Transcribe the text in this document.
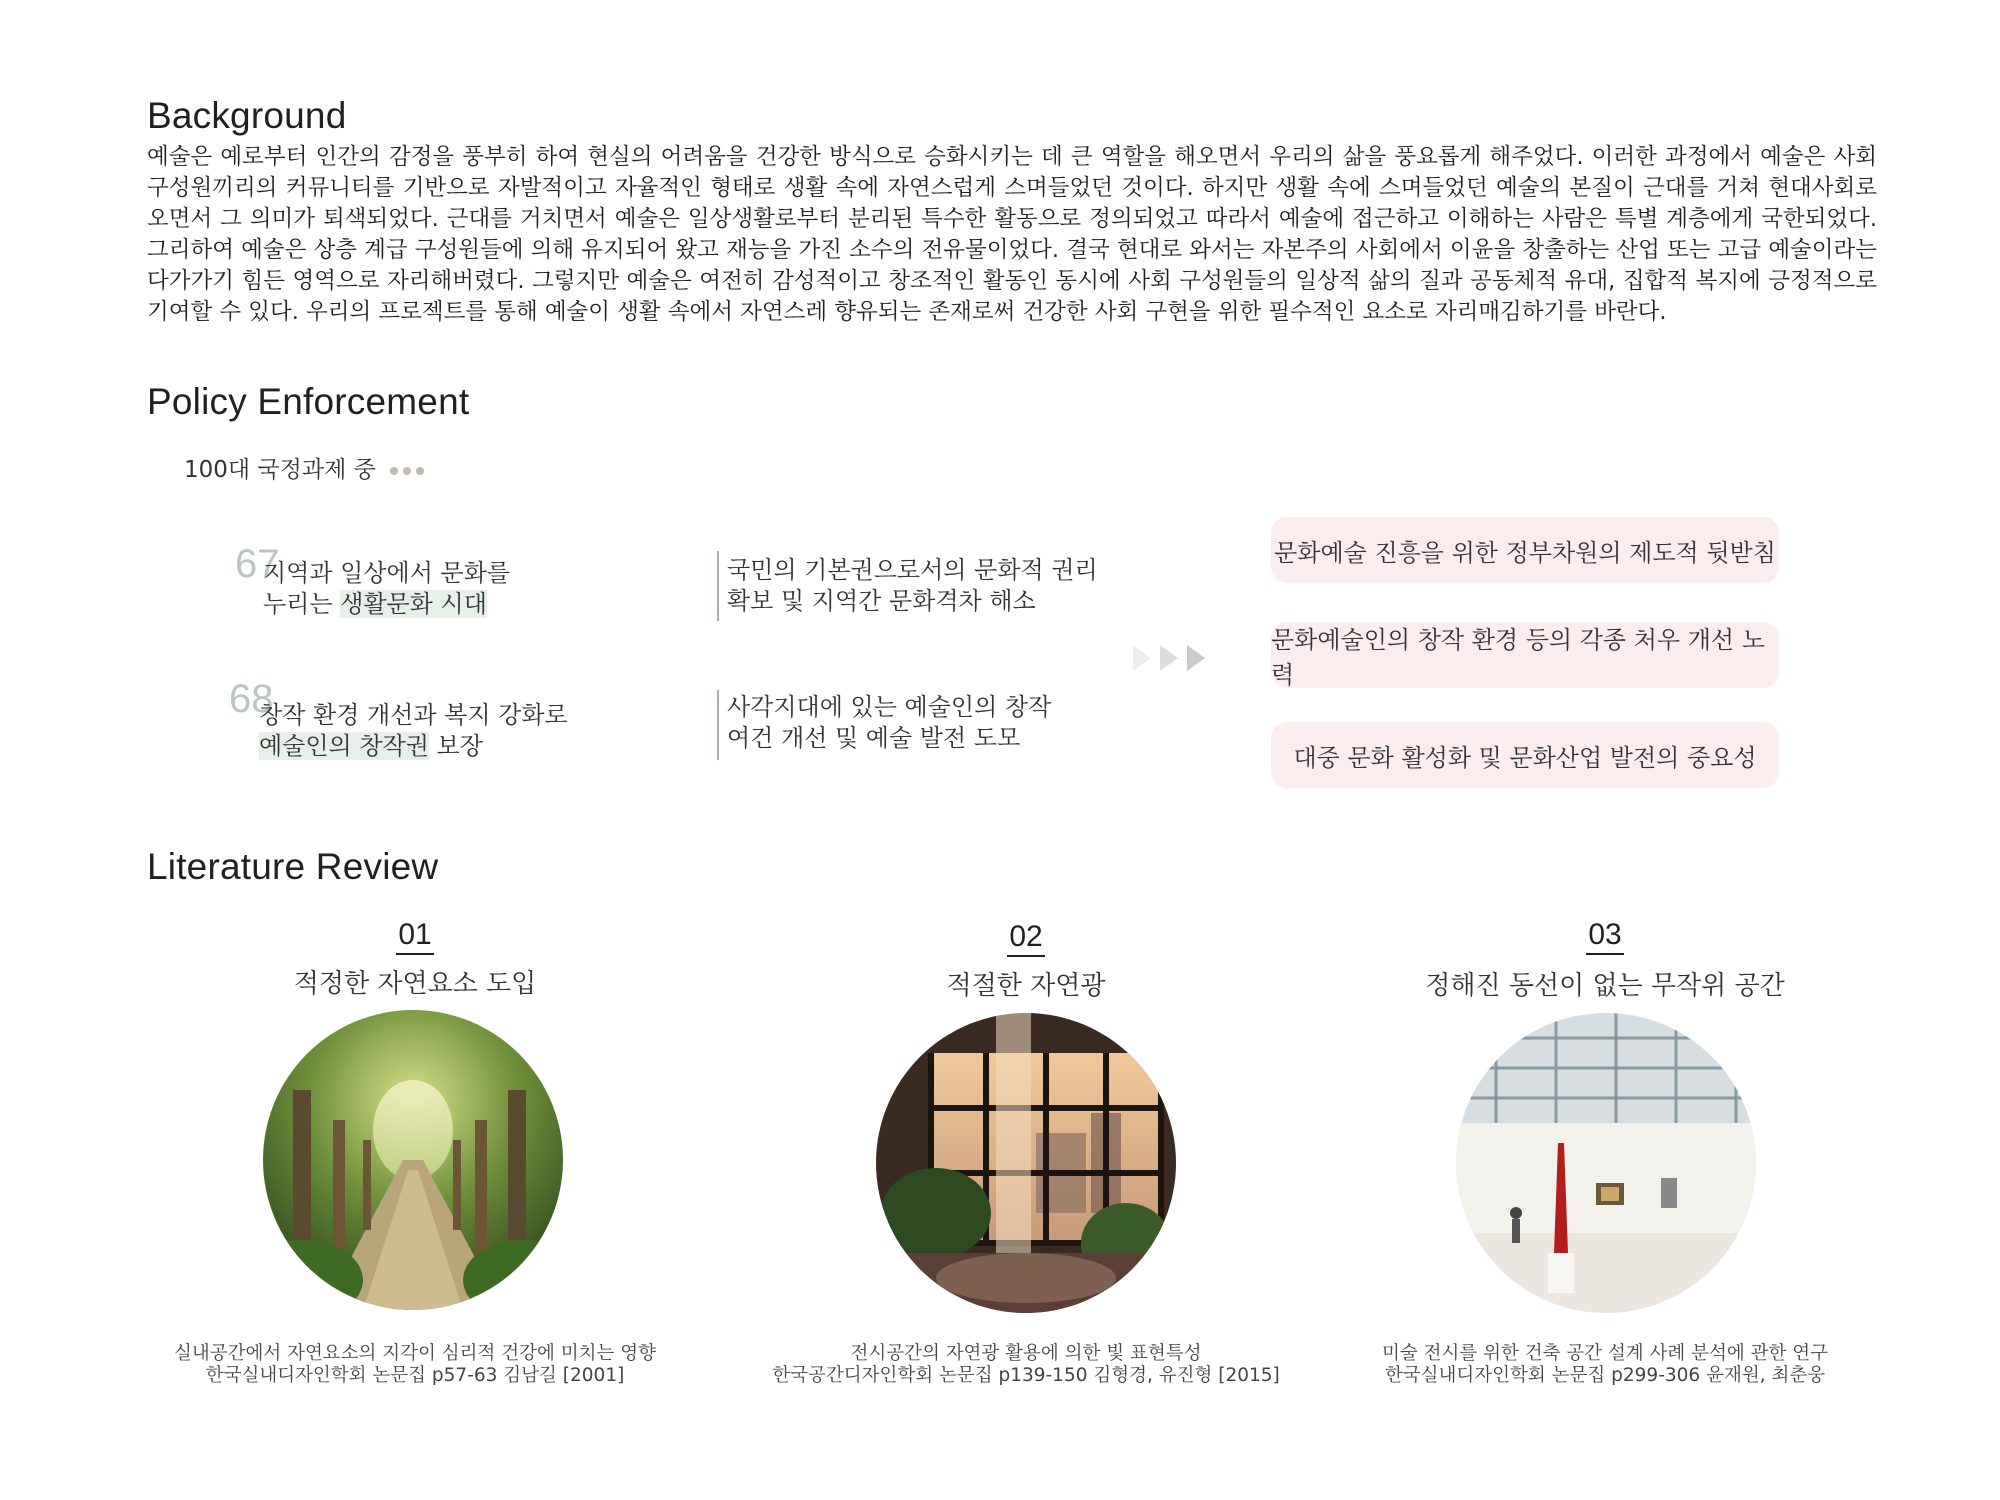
Background

예술은 예로부터 인간의 감정을 풍부히 하여 현실의 어려움을 건강한 방식으로 승화시키는 데 큰 역할을 해오면서 우리의 삶을 풍요롭게 해주었다. 이러한 과정에서 예술은 사회
구성원끼리의 커뮤니티를 기반으로 자발적이고 자율적인 형태로 생활 속에 자연스럽게 스며들었던 것이다. 하지만 생활 속에 스며들었던 예술의 본질이 근대를 거쳐 현대사회로
오면서 그 의미가 퇴색되었다. 근대를 거치면서 예술은 일상생활로부터 분리된 특수한 활동으로 정의되었고 따라서 예술에 접근하고 이해하는 사람은 특별 계층에게 국한되었다.
그리하여 예술은 상층 계급 구성원들에 의해 유지되어 왔고 재능을 가진 소수의 전유물이었다. 결국 현대로 와서는 자본주의 사회에서 이윤을 창출하는 산업 또는 고급 예술이라는
다가가기 힘든 영역으로 자리해버렸다. 그렇지만 예술은 여전히 감성적이고 창조적인 활동인 동시에 사회 구성원들의 일상적 삶의 질과 공동체적 유대, 집합적 복지에 긍정적으로
기여할 수 있다. 우리의 프로젝트를 통해 예술이 생활 속에서 자연스레 향유되는 존재로써 건강한 사회 구현을 위한 필수적인 요소로 자리매김하기를 바란다.

Policy Enforcement
100대 국정과제 중
67
지역과 일상에서 문화를
누리는 생활문화 시대
국민의 기본권으로서의 문화적 권리
확보 및 지역간 문화격차 해소
68
창작 환경 개선과 복지 강화로
예술인의 창작권 보장
사각지대에 있는 예술인의 창작
여건 개선 및 예술 발전 도모
문화예술 진흥을 위한 정부차원의 제도적 뒷받침
문화예술인의 창작 환경 등의 각종 처우 개선 노력
대중 문화 활성화 및 문화산업 발전의 중요성
Literature Review
01
적정한 자연요소 도입
실내공간에서 자연요소의 지각이 심리적 건강에 미치는 영향
한국실내디자인학회 논문집 p57-63 김남길 [2001]
02
적절한 자연광
전시공간의 자연광 활용에 의한 빛 표현특성
한국공간디자인학회 논문집 p139-150 김형경, 유진형 [2015]
03
정해진 동선이 없는 무작위 공간
미술 전시를 위한 건축 공간 설계 사례 분석에 관한 연구
한국실내디자인학회 논문집 p299-306 윤재원, 최춘웅
